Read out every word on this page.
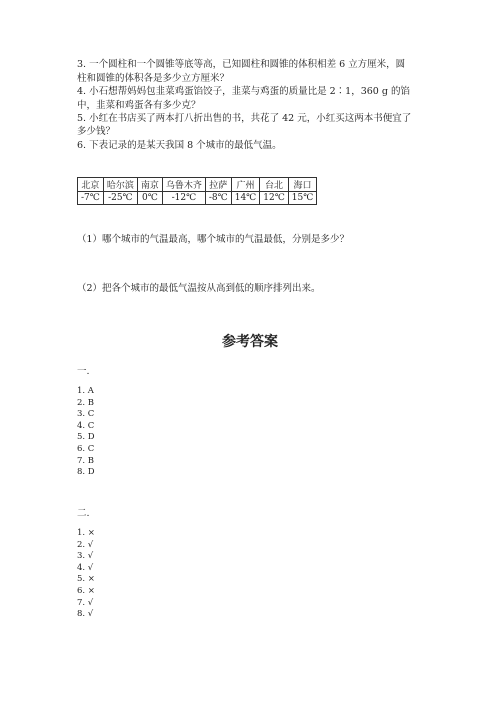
3. 一个圆柱和一个圆锥等底等高，已知圆柱和圆锥的体积相差 6 立方厘米，圆
柱和圆锥的体积各是多少立方厘米？
4. 小石想帮妈妈包韭菜鸡蛋馅饺子，韭菜与鸡蛋的质量比是 2∶1，360 g 的馅
中，韭菜和鸡蛋各有多少克？
5. 小红在书店买了两本打八折出售的书，共花了 42 元，小红买这两本书便宜了
多少钱？
6. 下表记录的是某天我国 8 个城市的最低气温。
北京	哈尔滨	南京	乌鲁木齐	拉萨	广州	台北	海口
-7℃	-25℃	0℃	-12℃	-8℃	14℃	12℃	15℃
（1）哪个城市的气温最高，哪个城市的气温最低，分别是多少？
（2）把各个城市的最低气温按从高到低的顺序排列出来。
参考答案
一.
1. A
2. B
3. C
4. C
5. D
6. C
7. B
8. D
二.
1. ×
2. √
3. √
4. √
5. ×
6. ×
7. √
8. √
